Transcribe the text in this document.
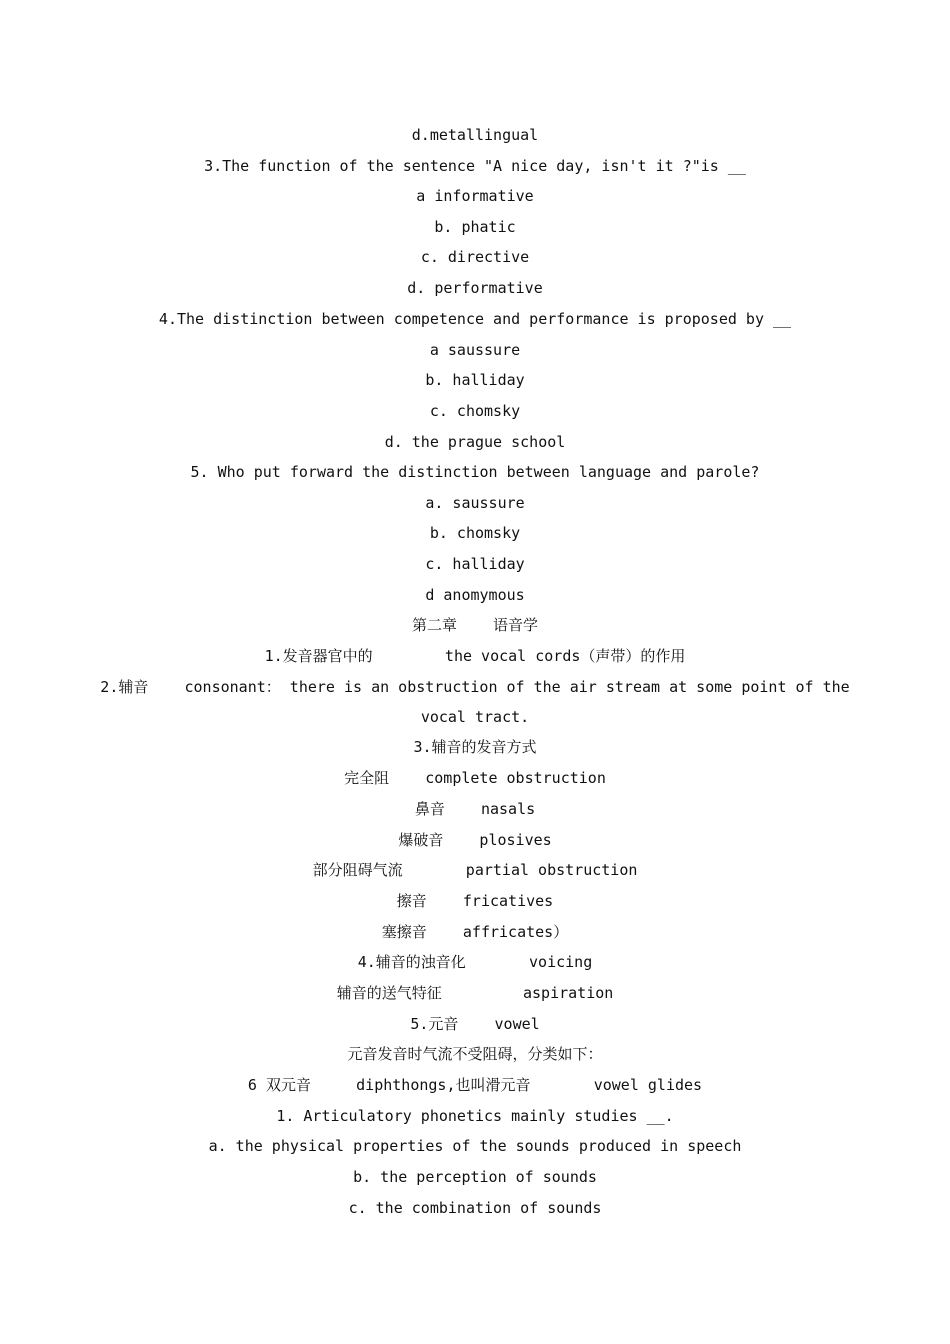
d.metallingual
3.The function of the sentence "A nice day, isn't it ?"is __
a informative
b. phatic
c. directive
d. performative
4.The distinction between competence and performance is proposed by __
a saussure
b. halliday
c. chomsky
d. the prague school
5. Who put forward the distinction between language and parole?
a. saussure
b. chomsky
c. halliday
d anomymous
第二章    语音学
1.发音器官中的        the vocal cords（声带）的作用
2.辅音    consonant： there is an obstruction of the air stream at some point of the
vocal tract.
3.辅音的发音方式
完全阻    complete obstruction
鼻音    nasals
爆破音    plosives
部分阻碍气流       partial obstruction
擦音    fricatives
塞擦音    affricates）
4.辅音的浊音化       voicing
辅音的送气特征         aspiration
5.元音    vowel
元音发音时气流不受阻碍，分类如下：
6 双元音     diphthongs,也叫滑元音       vowel glides
1. Articulatory phonetics mainly studies __.
a. the physical properties of the sounds produced in speech
b. the perception of sounds
c. the combination of sounds
